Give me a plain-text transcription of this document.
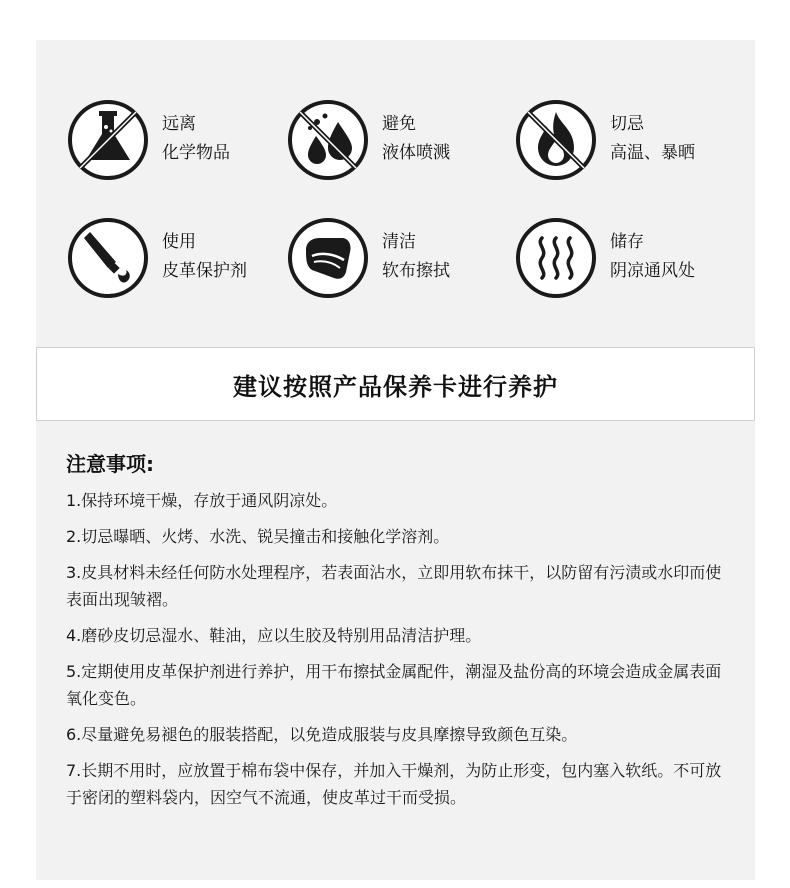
远离
化学物品
避免
液体喷溅
切忌
高温、暴晒
使用
皮革保护剂
清洁
软布擦拭
储存
阴凉通风处
建议按照产品保养卡进行养护
注意事项:

1.保持环境干燥，存放于通风阴凉处。

2.切忌曝晒、火烤、水洗、锐吴撞击和接触化学溶剂。

3.皮具材料未经任何防水处理程序，若表面沾水，立即用软布抹干，以防留有污渍或水印而使表面出现皱褶。

4.磨砂皮切忌湿水、鞋油，应以生胶及特别用品清洁护理。

5.定期使用皮革保护剂进行养护，用干布擦拭金属配件，潮湿及盐份高的环境会造成金属表面氧化变色。

6.尽量避免易褪色的服装搭配，以免造成服装与皮具摩擦导致颜色互染。

7.长期不用时，应放置于棉布袋中保存，并加入干燥剂，为防止形变，包内塞入软纸。不可放于密闭的塑料袋内，因空气不流通，使皮革过干而受损。
